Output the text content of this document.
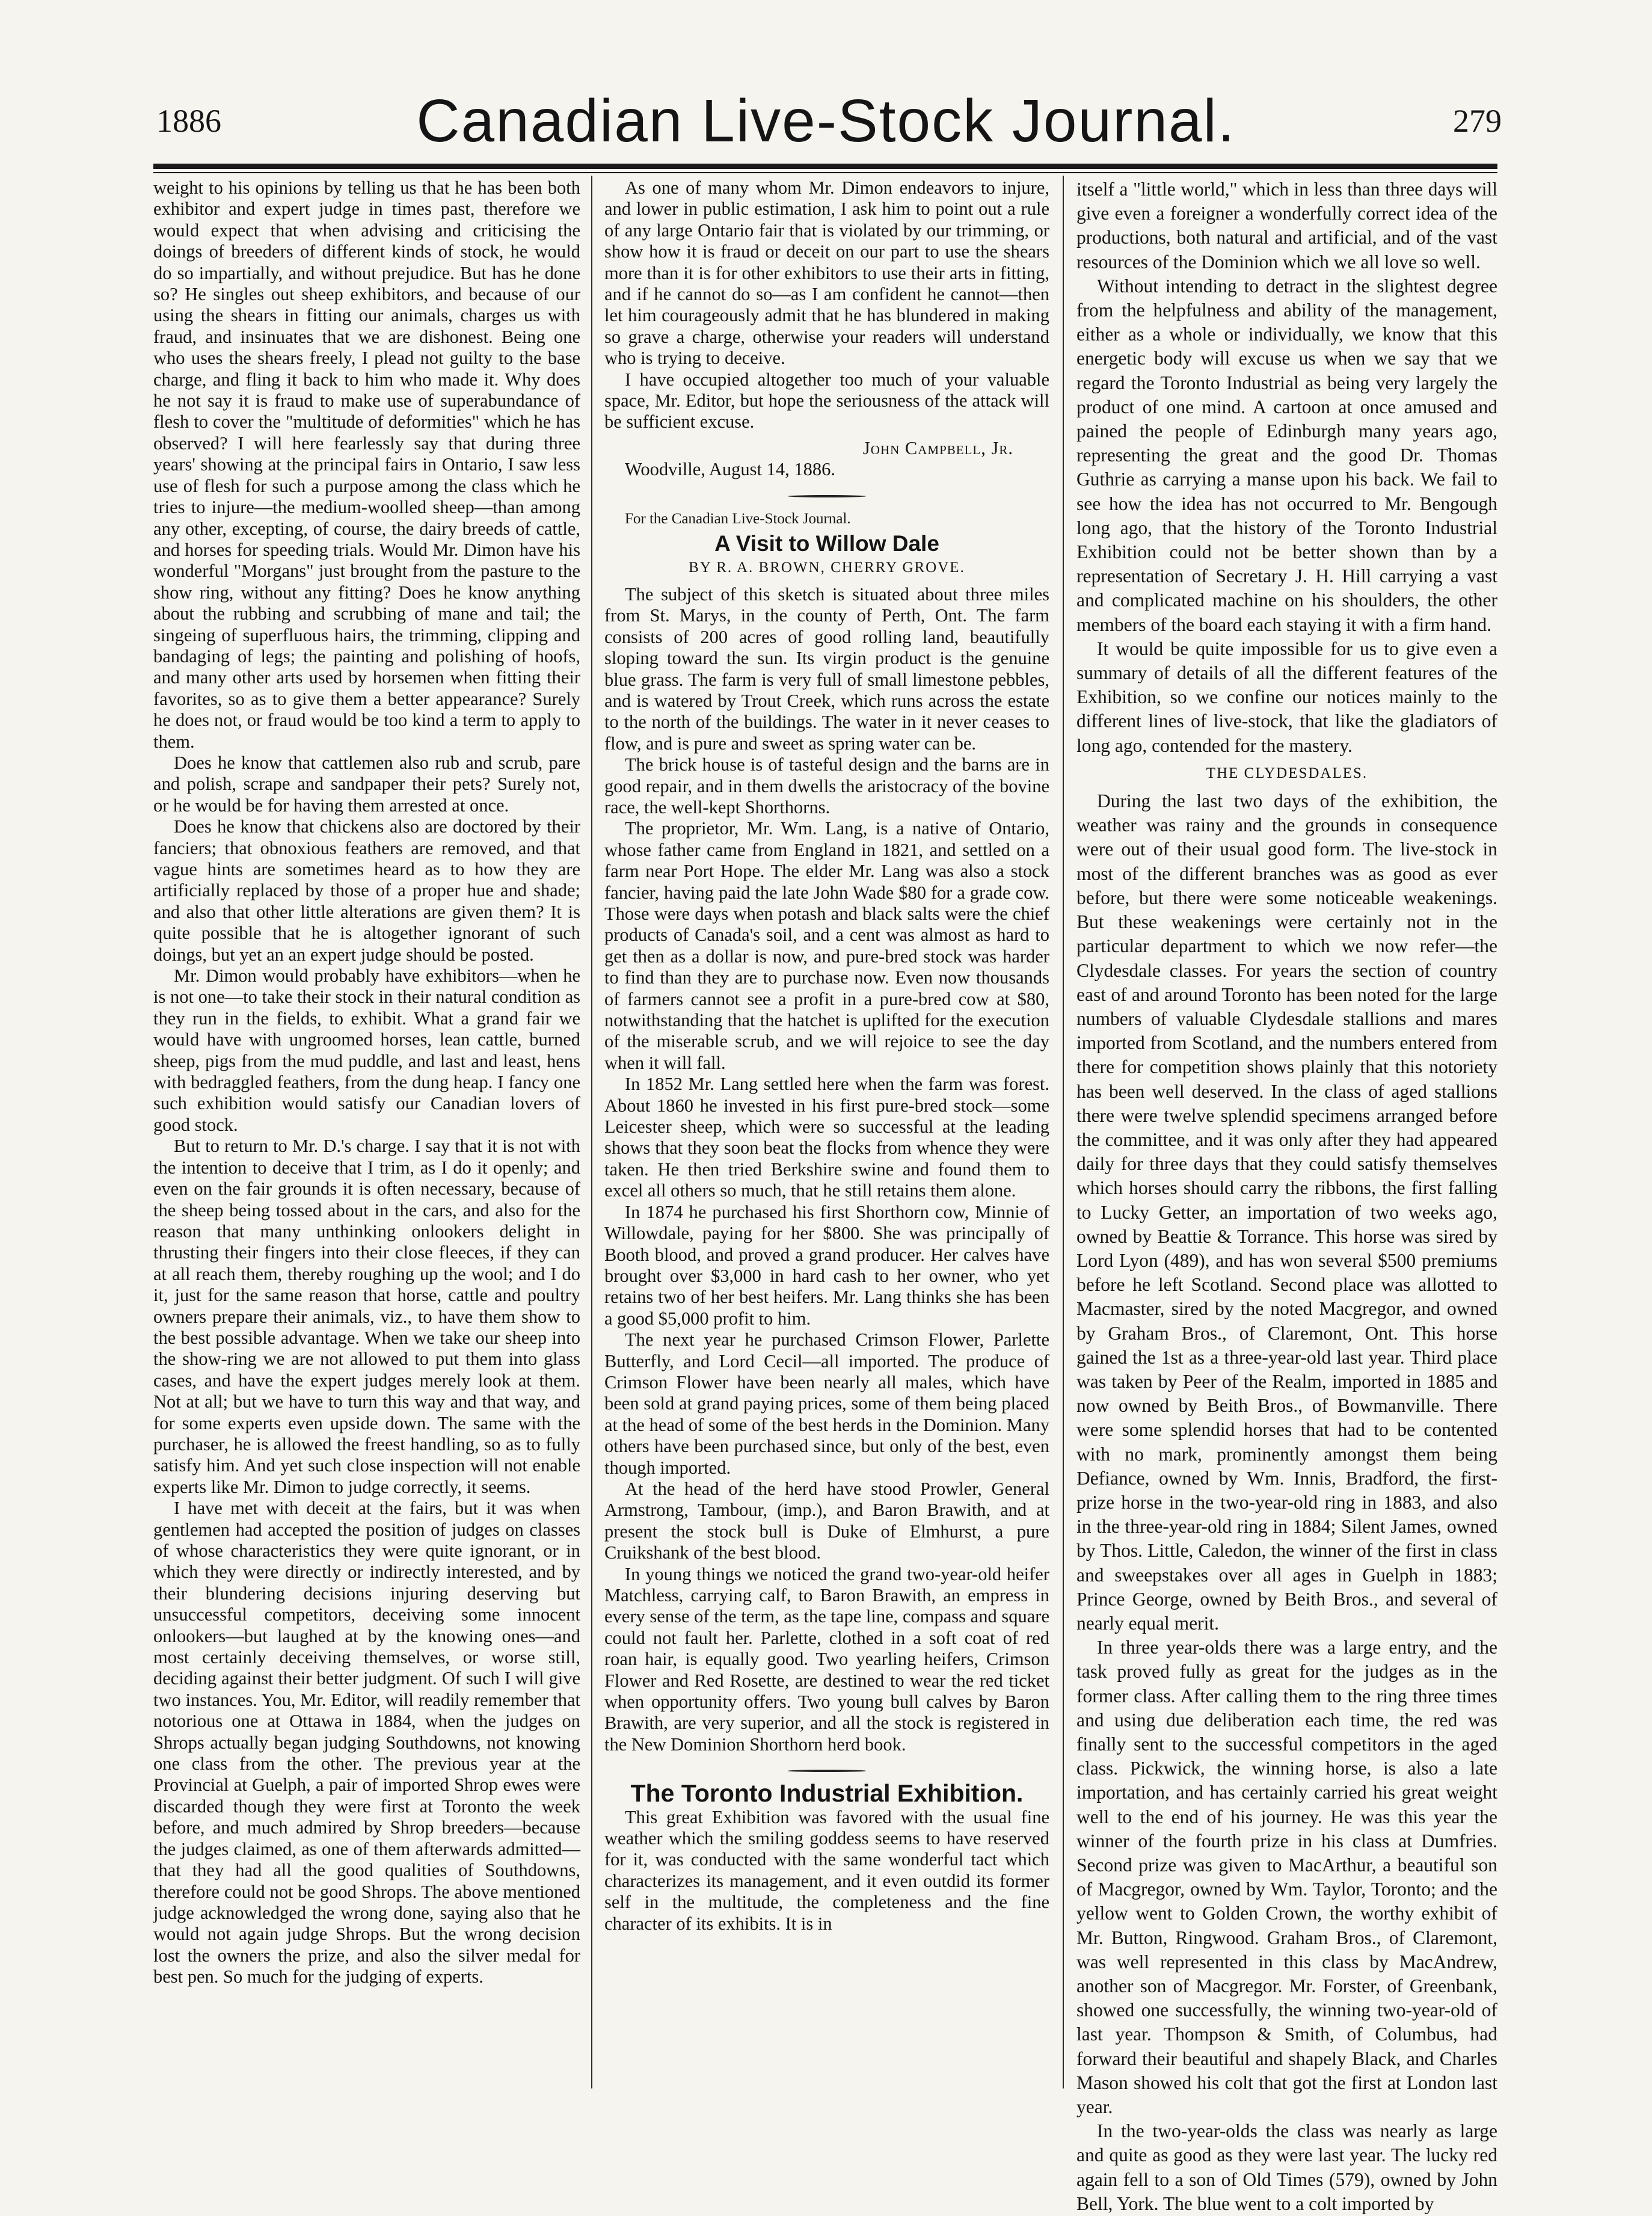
1886	Canadian Live-Stock Journal.	279

weight to his opinions by telling us that he has been both exhibitor and expert judge in times past, therefore we would expect that when advising and criticising the doings of breeders of different kinds of stock, he would do so impartially, and without prejudice. But has he done so? He singles out sheep exhibitors, and because of our using the shears in fitting our animals, charges us with fraud, and insinuates that we are dishonest. Being one who uses the shears freely, I plead not guilty to the base charge, and fling it back to him who made it. Why does he not say it is fraud to make use of superabundance of flesh to cover the "multitude of deformities" which he has observed? I will here fearlessly say that during three years' showing at the principal fairs in Ontario, I saw less use of flesh for such a purpose among the class which he tries to injure—the medium-woolled sheep—than among any other, excepting, of course, the dairy breeds of cattle, and horses for speeding trials. Would Mr. Dimon have his wonderful "Morgans" just brought from the pasture to the show ring, without any fitting? Does he know anything about the rubbing and scrubbing of mane and tail; the singeing of superfluous hairs, the trimming, clipping and bandaging of legs; the painting and polishing of hoofs, and many other arts used by horsemen when fitting their favorites, so as to give them a better appearance? Surely he does not, or fraud would be too kind a term to apply to them.

Does he know that cattlemen also rub and scrub, pare and polish, scrape and sandpaper their pets? Surely not, or he would be for having them arrested at once.

Does he know that chickens also are doctored by their fanciers; that obnoxious feathers are removed, and that vague hints are sometimes heard as to how they are artificially replaced by those of a proper hue and shade; and also that other little alterations are given them? It is quite possible that he is altogether ignorant of such doings, but yet an an expert judge should be posted.

Mr. Dimon would probably have exhibitors—when he is not one—to take their stock in their natural condition as they run in the fields, to exhibit. What a grand fair we would have with ungroomed horses, lean cattle, burned sheep, pigs from the mud puddle, and last and least, hens with bedraggled feathers, from the dung heap. I fancy one such exhibition would satisfy our Canadian lovers of good stock.

But to return to Mr. D.'s charge. I say that it is not with the intention to deceive that I trim, as I do it openly; and even on the fair grounds it is often necessary, because of the sheep being tossed about in the cars, and also for the reason that many unthinking onlookers delight in thrusting their fingers into their close fleeces, if they can at all reach them, thereby roughing up the wool; and I do it, just for the same reason that horse, cattle and poultry owners prepare their animals, viz., to have them show to the best possible advantage. When we take our sheep into the show-ring we are not allowed to put them into glass cases, and have the expert judges merely look at them. Not at all; but we have to turn this way and that way, and for some experts even upside down. The same with the purchaser, he is allowed the freest handling, so as to fully satisfy him. And yet such close inspection will not enable experts like Mr. Dimon to judge correctly, it seems.

I have met with deceit at the fairs, but it was when gentlemen had accepted the position of judges on classes of whose characteristics they were quite ignorant, or in which they were directly or indirectly interested, and by their blundering decisions injuring deserving but unsuccessful competitors, deceiving some innocent onlookers—but laughed at by the knowing ones—and most certainly deceiving themselves, or worse still, deciding against their better judgment. Of such I will give two instances. You, Mr. Editor, will readily remember that notorious one at Ottawa in 1884, when the judges on Shrops actually began judging Southdowns, not knowing one class from the other. The previous year at the Provincial at Guelph, a pair of imported Shrop ewes were discarded though they were first at Toronto the week before, and much admired by Shrop breeders—because the judges claimed, as one of them afterwards admitted—that they had all the good qualities of Southdowns, therefore could not be good Shrops. The above mentioned judge acknowledged the wrong done, saying also that he would not again judge Shrops. But the wrong decision lost the owners the prize, and also the silver medal for best pen. So much for the judging of experts.

As one of many whom Mr. Dimon endeavors to injure, and lower in public estimation, I ask him to point out a rule of any large Ontario fair that is violated by our trimming, or show how it is fraud or deceit on our part to use the shears more than it is for other exhibitors to use their arts in fitting, and if he cannot do so—as I am confident he cannot—then let him courageously admit that he has blundered in making so grave a charge, otherwise your readers will understand who is trying to deceive.

I have occupied altogether too much of your valuable space, Mr. Editor, but hope the seriousness of the attack will be sufficient excuse.

John Campbell, Jr.
Woodville, August 14, 1886.
For the Canadian Live-Stock Journal.
A Visit to Willow Dale
BY R. A. BROWN, CHERRY GROVE.

The subject of this sketch is situated about three miles from St. Marys, in the county of Perth, Ont. The farm consists of 200 acres of good rolling land, beautifully sloping toward the sun. Its virgin product is the genuine blue grass. The farm is very full of small limestone pebbles, and is watered by Trout Creek, which runs across the estate to the north of the buildings. The water in it never ceases to flow, and is pure and sweet as spring water can be.

The brick house is of tasteful design and the barns are in good repair, and in them dwells the aristocracy of the bovine race, the well-kept Shorthorns.

The proprietor, Mr. Wm. Lang, is a native of Ontario, whose father came from England in 1821, and settled on a farm near Port Hope. The elder Mr. Lang was also a stock fancier, having paid the late John Wade $80 for a grade cow. Those were days when potash and black salts were the chief products of Canada's soil, and a cent was almost as hard to get then as a dollar is now, and pure-bred stock was harder to find than they are to purchase now. Even now thousands of farmers cannot see a profit in a pure-bred cow at $80, notwithstanding that the hatchet is uplifted for the execution of the miserable scrub, and we will rejoice to see the day when it will fall.

In 1852 Mr. Lang settled here when the farm was forest. About 1860 he invested in his first pure-bred stock—some Leicester sheep, which were so successful at the leading shows that they soon beat the flocks from whence they were taken. He then tried Berkshire swine and found them to excel all others so much, that he still retains them alone.

In 1874 he purchased his first Shorthorn cow, Minnie of Willowdale, paying for her $800. She was principally of Booth blood, and proved a grand producer. Her calves have brought over $3,000 in hard cash to her owner, who yet retains two of her best heifers. Mr. Lang thinks she has been a good $5,000 profit to him.

The next year he purchased Crimson Flower, Parlette Butterfly, and Lord Cecil—all imported. The produce of Crimson Flower have been nearly all males, which have been sold at grand paying prices, some of them being placed at the head of some of the best herds in the Dominion. Many others have been purchased since, but only of the best, even though imported.

At the head of the herd have stood Prowler, General Armstrong, Tambour, (imp.), and Baron Brawith, and at present the stock bull is Duke of Elmhurst, a pure Cruikshank of the best blood.

In young things we noticed the grand two-year-old heifer Matchless, carrying calf, to Baron Brawith, an empress in every sense of the term, as the tape line, compass and square could not fault her. Parlette, clothed in a soft coat of red roan hair, is equally good. Two yearling heifers, Crimson Flower and Red Rosette, are destined to wear the red ticket when opportunity offers. Two young bull calves by Baron Brawith, are very superior, and all the stock is registered in the New Dominion Shorthorn herd book.

The Toronto Industrial Exhibition.

This great Exhibition was favored with the usual fine weather which the smiling goddess seems to have reserved for it, was conducted with the same wonderful tact which characterizes its management, and it even outdid its former self in the multitude, the completeness and the fine character of its exhibits. It is in

itself a "little world," which in less than three days will give even a foreigner a wonderfully correct idea of the productions, both natural and artificial, and of the vast resources of the Dominion which we all love so well.

Without intending to detract in the slightest degree from the helpfulness and ability of the management, either as a whole or individually, we know that this energetic body will excuse us when we say that we regard the Toronto Industrial as being very largely the product of one mind. A cartoon at once amused and pained the people of Edinburgh many years ago, representing the great and the good Dr. Thomas Guthrie as carrying a manse upon his back. We fail to see how the idea has not occurred to Mr. Bengough long ago, that the history of the Toronto Industrial Exhibition could not be better shown than by a representation of Secretary J. H. Hill carrying a vast and complicated machine on his shoulders, the other members of the board each staying it with a firm hand.

It would be quite impossible for us to give even a summary of details of all the different features of the Exhibition, so we confine our notices mainly to the different lines of live-stock, that like the gladiators of long ago, contended for the mastery.

THE CLYDESDALES.

During the last two days of the exhibition, the weather was rainy and the grounds in consequence were out of their usual good form. The live-stock in most of the different branches was as good as ever before, but there were some noticeable weakenings. But these weakenings were certainly not in the particular department to which we now refer—the Clydesdale classes. For years the section of country east of and around Toronto has been noted for the large numbers of valuable Clydesdale stallions and mares imported from Scotland, and the numbers entered from there for competition shows plainly that this notoriety has been well deserved. In the class of aged stallions there were twelve splendid specimens arranged before the committee, and it was only after they had appeared daily for three days that they could satisfy themselves which horses should carry the ribbons, the first falling to Lucky Getter, an importation of two weeks ago, owned by Beattie & Torrance. This horse was sired by Lord Lyon (489), and has won several $500 premiums before he left Scotland. Second place was allotted to Macmaster, sired by the noted Macgregor, and owned by Graham Bros., of Claremont, Ont. This horse gained the 1st as a three-year-old last year. Third place was taken by Peer of the Realm, imported in 1885 and now owned by Beith Bros., of Bowmanville. There were some splendid horses that had to be contented with no mark, prominently amongst them being Defiance, owned by Wm. Innis, Bradford, the first-prize horse in the two-year-old ring in 1883, and also in the three-year-old ring in 1884; Silent James, owned by Thos. Little, Caledon, the winner of the first in class and sweepstakes over all ages in Guelph in 1883; Prince George, owned by Beith Bros., and several of nearly equal merit.

In three year-olds there was a large entry, and the task proved fully as great for the judges as in the former class. After calling them to the ring three times and using due deliberation each time, the red was finally sent to the successful competitors in the aged class. Pickwick, the winning horse, is also a late importation, and has certainly carried his great weight well to the end of his journey. He was this year the winner of the fourth prize in his class at Dumfries. Second prize was given to MacArthur, a beautiful son of Macgregor, owned by Wm. Taylor, Toronto; and the yellow went to Golden Crown, the worthy exhibit of Mr. Button, Ringwood. Graham Bros., of Claremont, was well represented in this class by MacAndrew, another son of Macgregor. Mr. Forster, of Greenbank, showed one successfully, the winning two-year-old of last year. Thompson & Smith, of Columbus, had forward their beautiful and shapely Black, and Charles Mason showed his colt that got the first at London last year.

In the two-year-olds the class was nearly as large and quite as good as they were last year. The lucky red again fell to a son of Old Times (579), owned by John Bell, York. The blue went to a colt imported by
